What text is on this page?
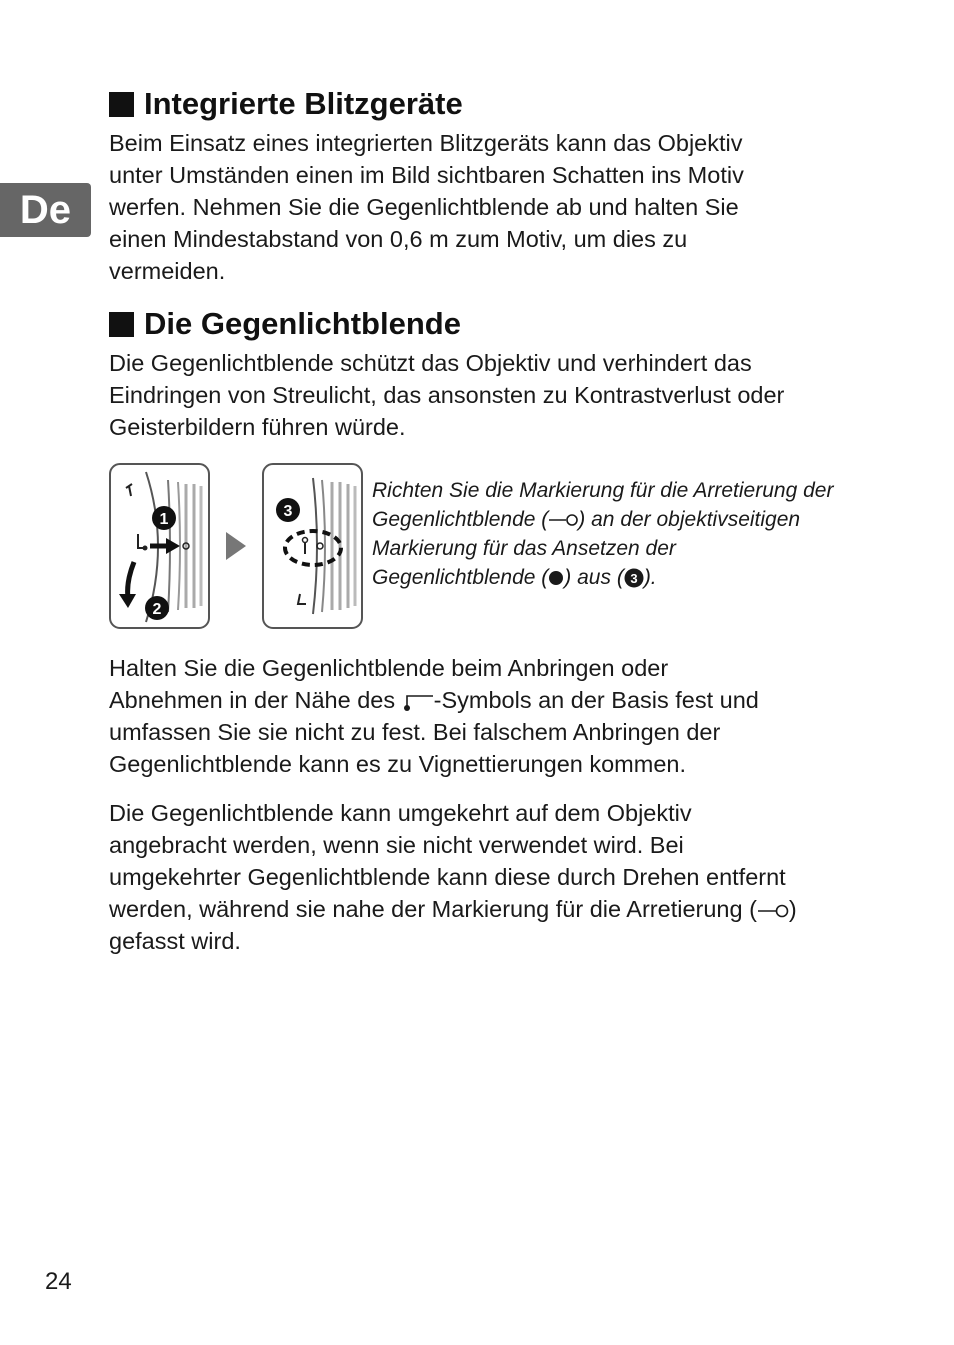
De
Integrierte Blitzgeräte

Beim Einsatz eines integrierten Blitzgeräts kann das Objektiv

unter Umständen einen im Bild sichtbaren Schatten ins Motiv

werfen. Nehmen Sie die Gegenlichtblende ab und halten Sie

einen Mindestabstand von 0,6 m zum Motiv, um dies zu

vermeiden.

Die Gegenlichtblende

Die Gegenlichtblende schützt das Objektiv und verhindert das

Eindringen von Streulicht, das ansonsten zu Kontrastverlust oder

Geisterbildern führen würde.

1
2
3

Richten Sie die Markierung für die Arretierung der

Gegenlichtblende ( ) an der objektivseitigen

Markierung für das Ansetzen der

Gegenlichtblende ( ) aus ( 3 ).

Halten Sie die Gegenlichtblende beim Anbringen oder

Abnehmen in der Nähe des -Symbols an der Basis fest und

umfassen Sie sie nicht zu fest. Bei falschem Anbringen der

Gegenlichtblende kann es zu Vignettierungen kommen.

Die Gegenlichtblende kann umgekehrt auf dem Objektiv

angebracht werden, wenn sie nicht verwendet wird. Bei

umgekehrter Gegenlichtblende kann diese durch Drehen entfernt

werden, während sie nahe der Markierung für die Arretierung ( )

gefasst wird.

24
